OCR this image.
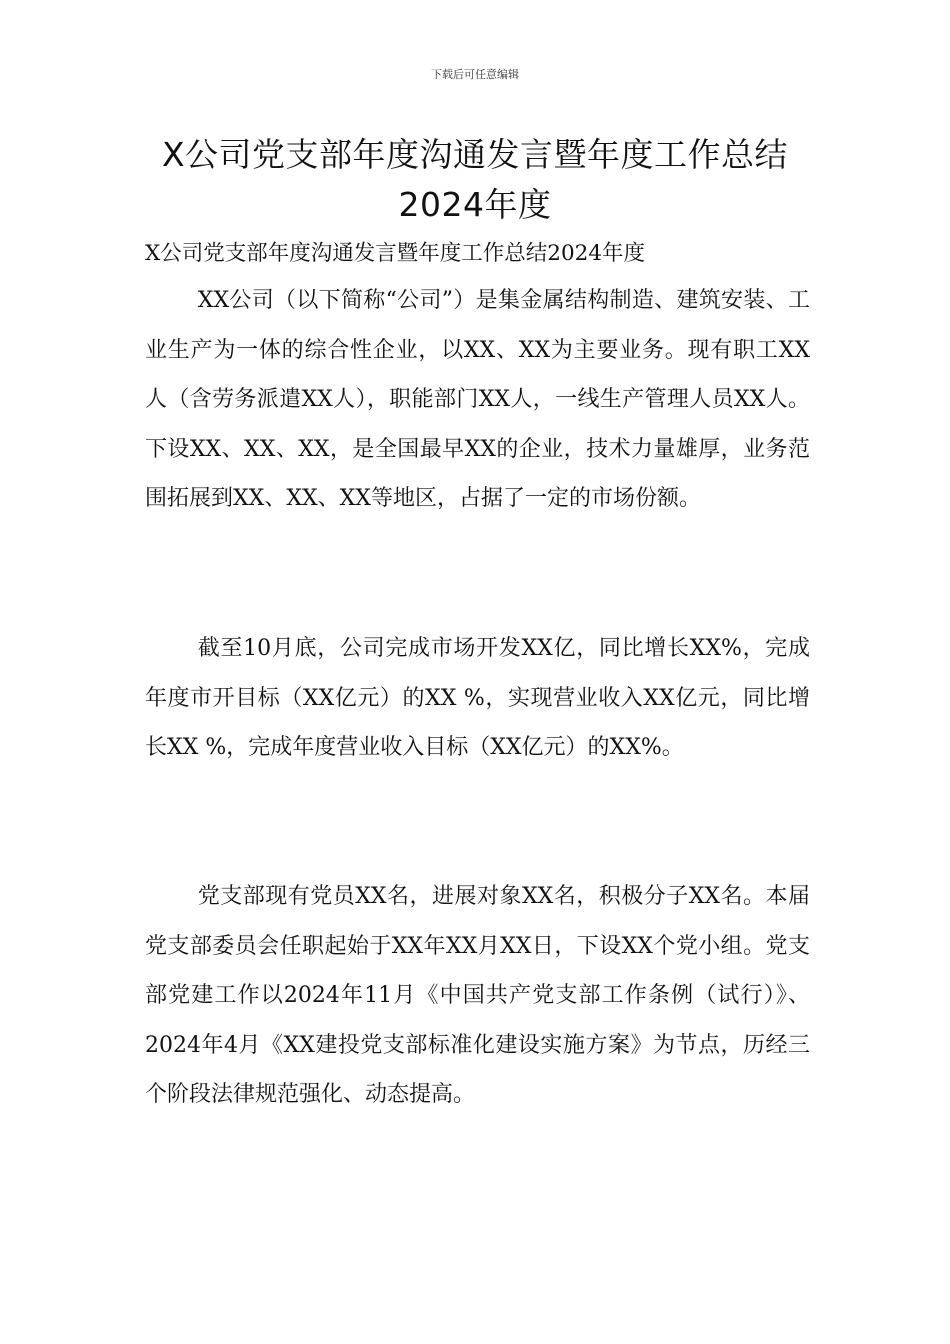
下载后可任意编辑
X公司党支部年度沟通发言暨年度工作总结
2024年度

X公司党支部年度沟通发言暨年度工作总结2024年度

XX公司（以下简称“公司”）是集金属结构制造、建筑安装、工业生产为一体的综合性企业，以XX、XX为主要业务。现有职工XX人（含劳务派遣XX人），职能部门XX人，一线生产管理人员XX人。下设XX、XX、XX，是全国最早XX的企业，技术力量雄厚，业务范围拓展到XX、XX、XX等地区，占据了一定的市场份额。

截至10月底，公司完成市场开发XX亿，同比增长XX%，完成年度市开目标（XX亿元）的XX %，实现营业收入XX亿元，同比增长XX %，完成年度营业收入目标（XX亿元）的XX%。

党支部现有党员XX名，进展对象XX名，积极分子XX名。本届党支部委员会任职起始于XX年XX月XX日，下设XX个党小组。党支部党建工作以2024年11月《中国共产党支部工作条例（试行）》、2024年4月《XX建投党支部标准化建设实施方案》为节点，历经三个阶段法律规范强化、动态提高。
